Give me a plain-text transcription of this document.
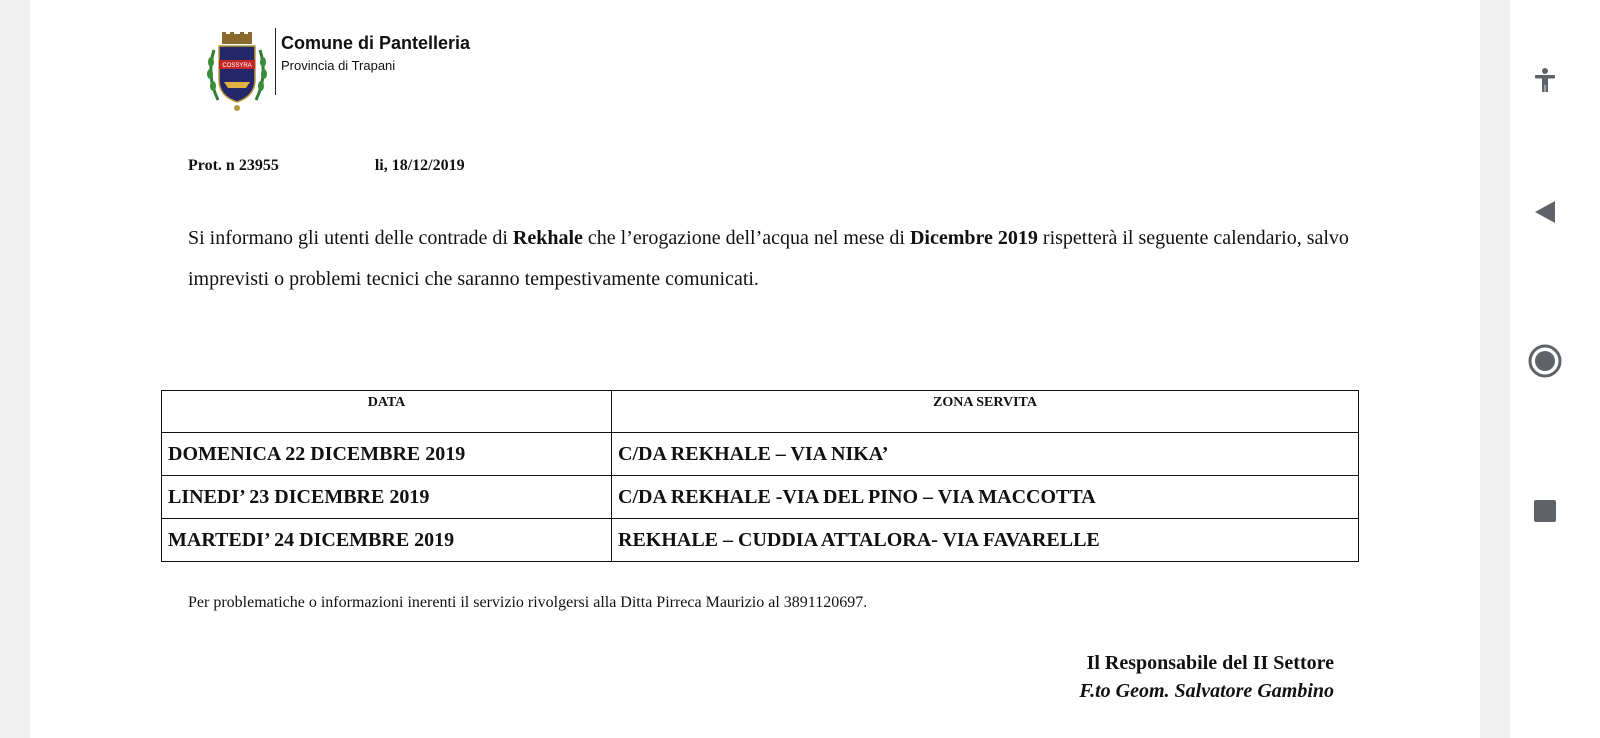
COSSYRA
Comune di Pantelleria
Provincia di Trapani
Prot. n 23955	li, 18/12/2019
Si informano gli utenti delle contrade di Rekhale che l’erogazione dell’acqua nel mese di Dicembre 2019 rispetterà il seguente calendario, salvo imprevisti o problemi tecnici che saranno tempestivamente comunicati.
DATA	ZONA SERVITA
DOMENICA 22 DICEMBRE 2019	C/DA REKHALE – VIA NIKA’
LINEDI’ 23 DICEMBRE 2019	C/DA REKHALE -VIA DEL PINO – VIA MACCOTTA
MARTEDI’ 24 DICEMBRE 2019	REKHALE – CUDDIA ATTALORA- VIA FAVARELLE
Per problematiche o informazioni inerenti il servizio rivolgersi alla Ditta Pirreca Maurizio al 3891120697.
Il Responsabile del II Settore
F.to Geom. Salvatore Gambino
